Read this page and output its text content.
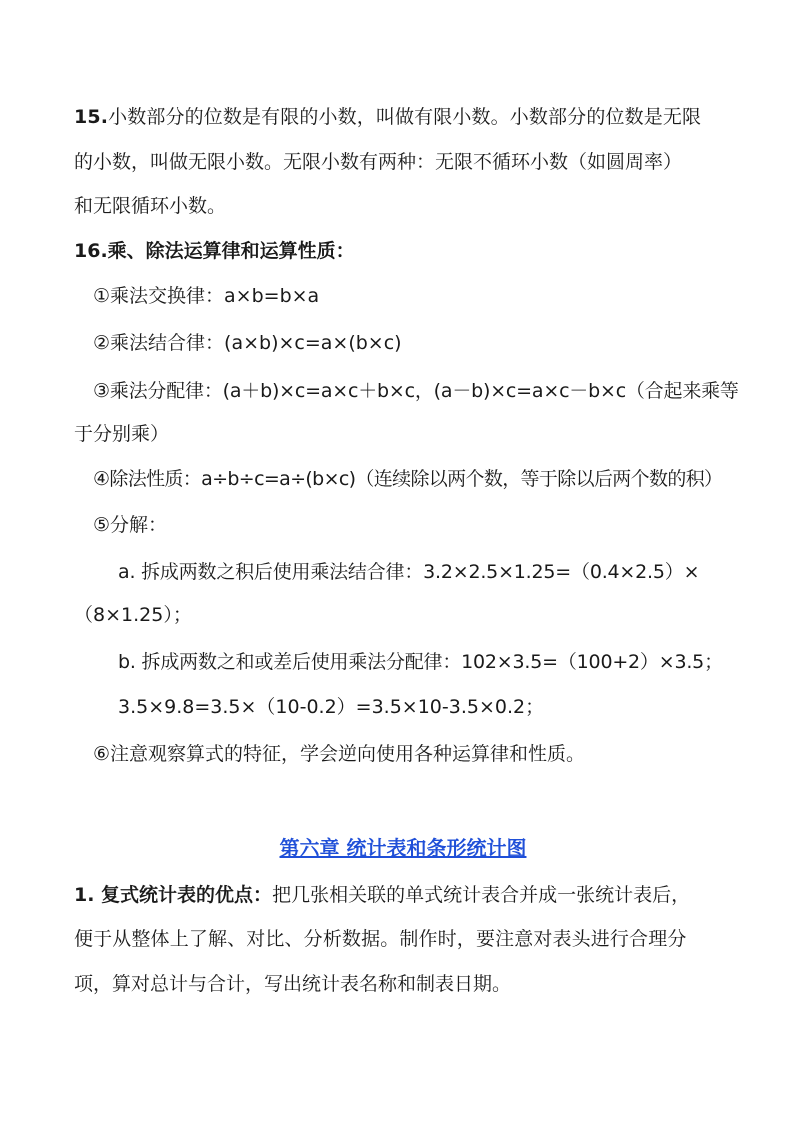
15.小数部分的位数是有限的小数，叫做有限小数。小数部分的位数是无限
的小数，叫做无限小数。无限小数有两种：无限不循环小数（如圆周率）
和无限循环小数。
16.乘、除法运算律和运算性质：
①乘法交换律：a×b=b×a
②乘法结合律：(a×b)×c=a×(b×c)
③乘法分配律：(a＋b)×c=a×c＋b×c，(a－b)×c=a×c－b×c（合起来乘等
于分别乘）
④除法性质：a÷b÷c=a÷(b×c)（连续除以两个数，等于除以后两个数的积）
⑤分解：
a. 拆成两数之积后使用乘法结合律：3.2×2.5×1.25=（0.4×2.5）×
（8×1.25）；
b. 拆成两数之和或差后使用乘法分配律：102×3.5=（100+2）×3.5；
3.5×9.8=3.5×（10-0.2）=3.5×10-3.5×0.2；
⑥注意观察算式的特征，学会逆向使用各种运算律和性质。
第六章 统计表和条形统计图
1. 复式统计表的优点：把几张相关联的单式统计表合并成一张统计表后，
便于从整体上了解、对比、分析数据。制作时，要注意对表头进行合理分
项，算对总计与合计，写出统计表名称和制表日期。
